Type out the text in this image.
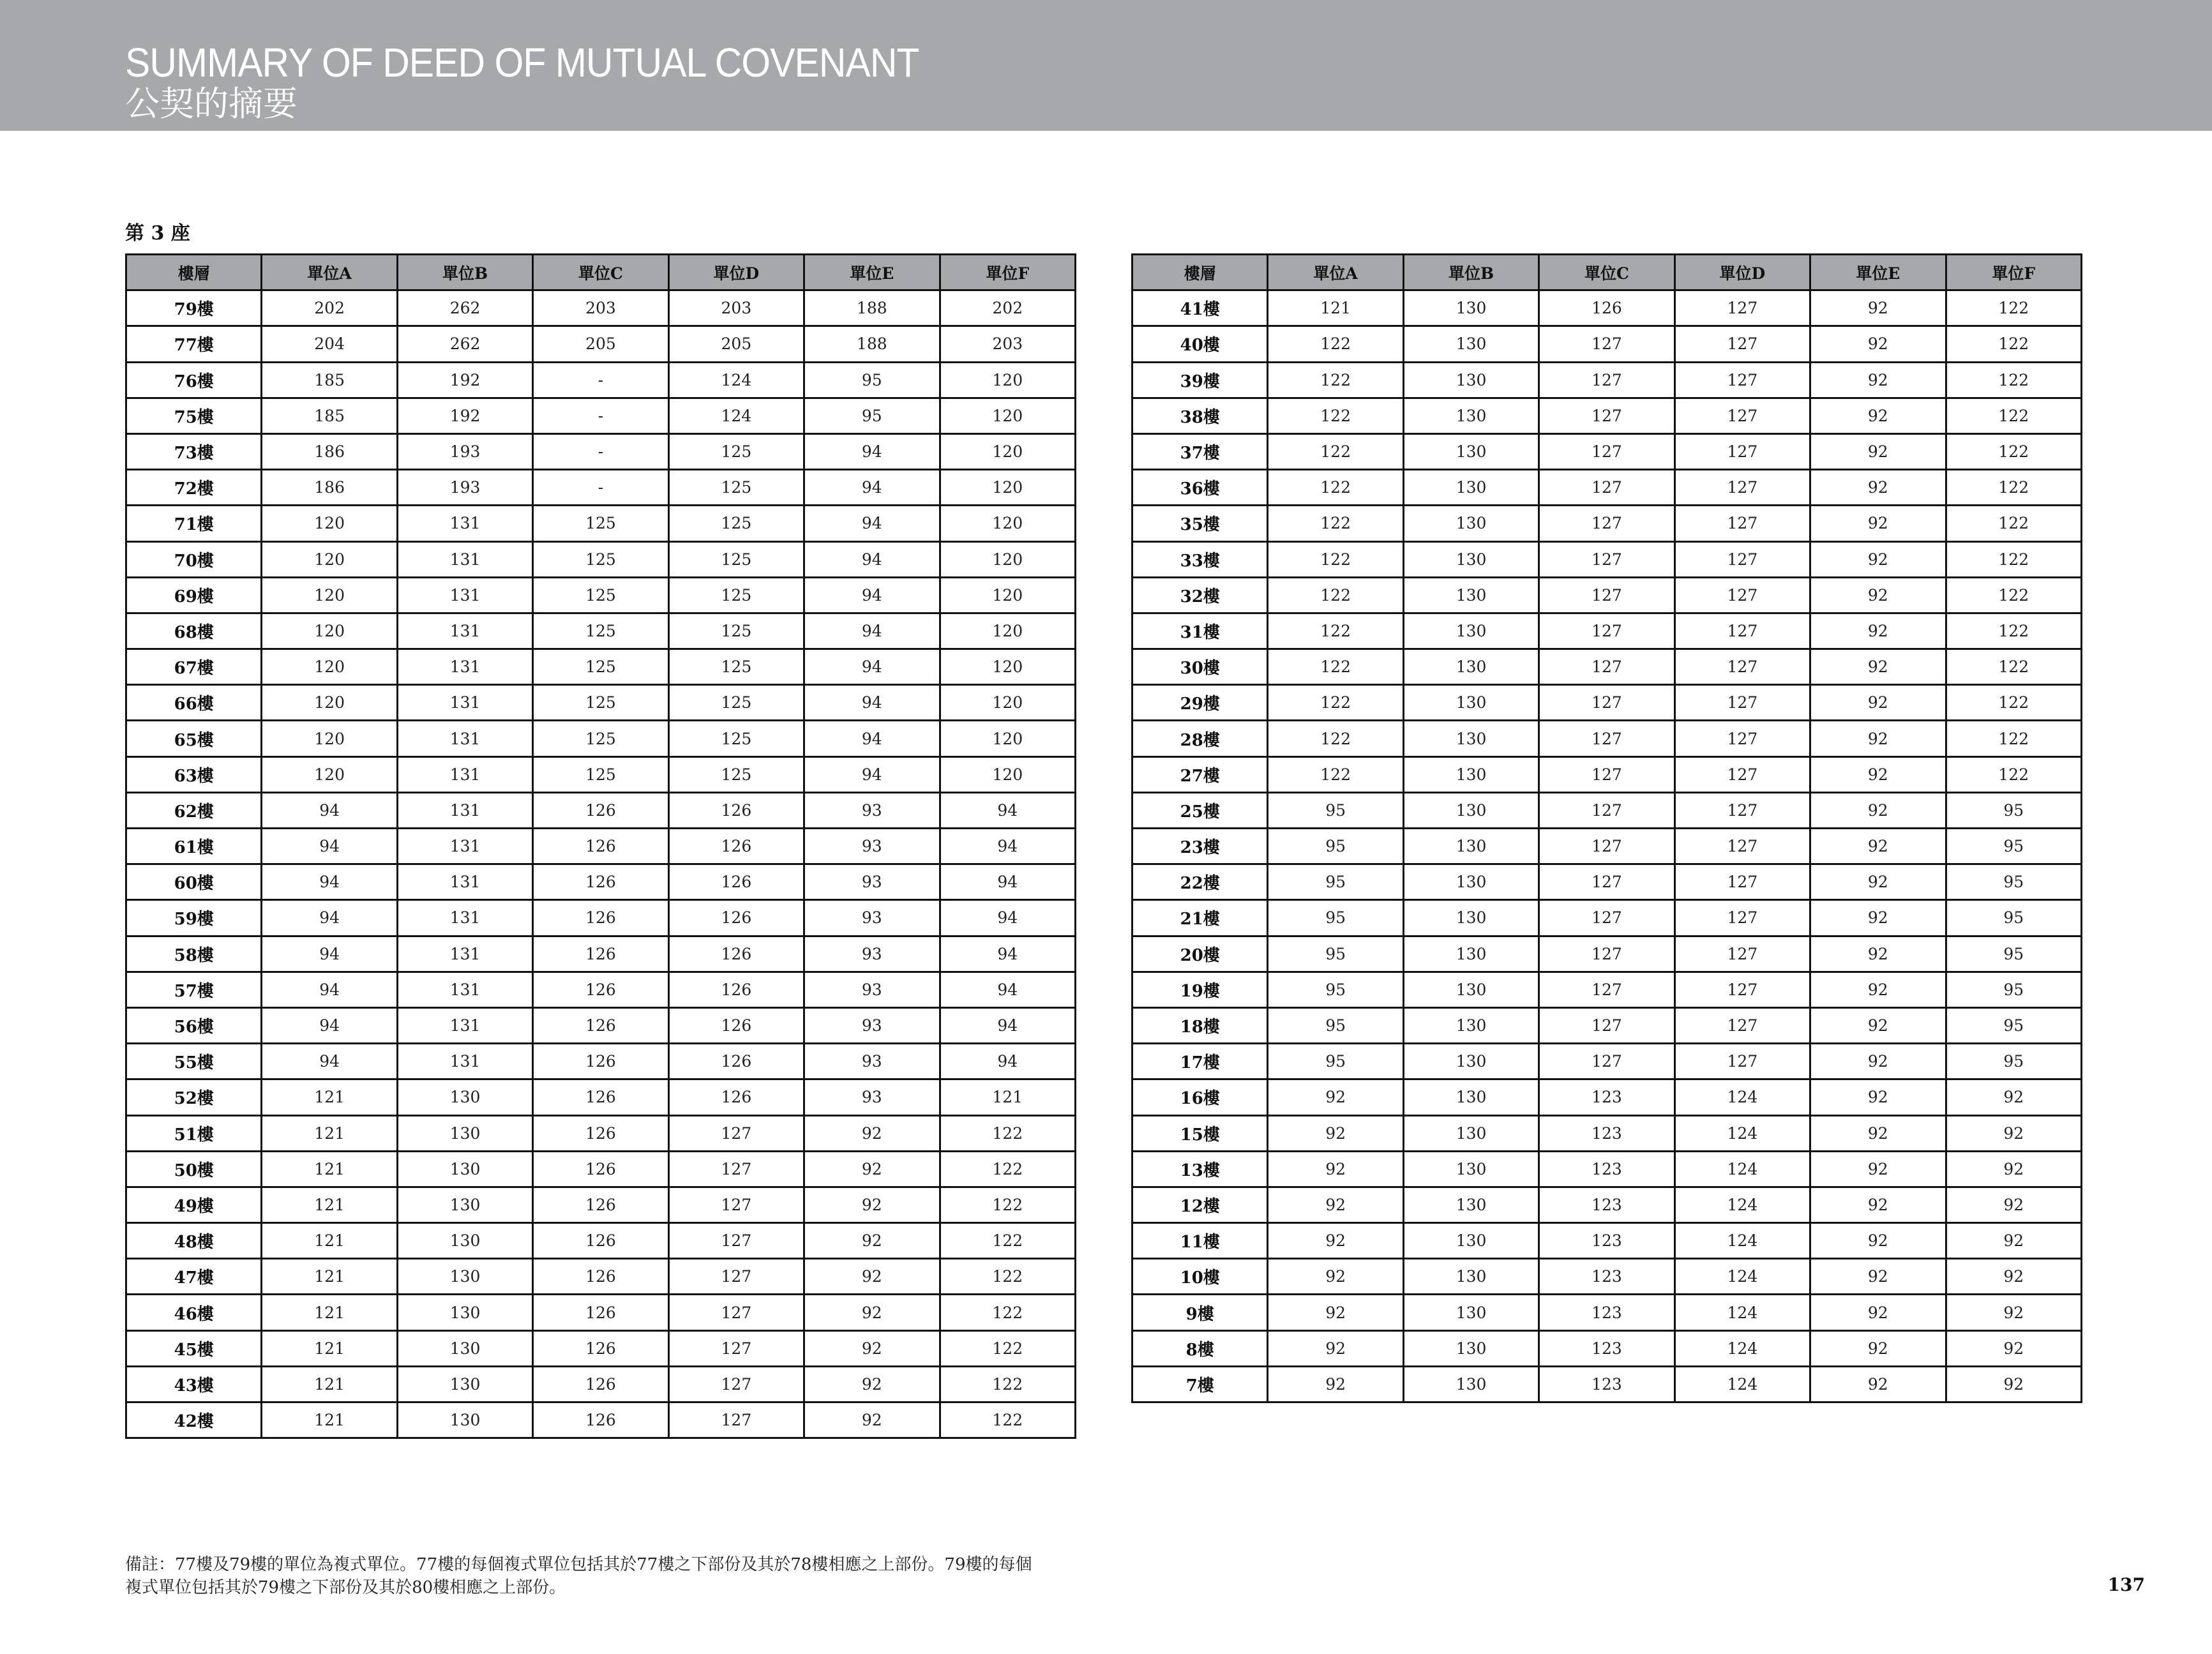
SUMMARY OF DEED OF MUTUAL COVENANT
公契的摘要
第 3 座
樓層	單位A	單位B	單位C	單位D	單位E	單位F
79樓	202	262	203	203	188	202
77樓	204	262	205	205	188	203
76樓	185	192	-	124	95	120
75樓	185	192	-	124	95	120
73樓	186	193	-	125	94	120
72樓	186	193	-	125	94	120
71樓	120	131	125	125	94	120
70樓	120	131	125	125	94	120
69樓	120	131	125	125	94	120
68樓	120	131	125	125	94	120
67樓	120	131	125	125	94	120
66樓	120	131	125	125	94	120
65樓	120	131	125	125	94	120
63樓	120	131	125	125	94	120
62樓	94	131	126	126	93	94
61樓	94	131	126	126	93	94
60樓	94	131	126	126	93	94
59樓	94	131	126	126	93	94
58樓	94	131	126	126	93	94
57樓	94	131	126	126	93	94
56樓	94	131	126	126	93	94
55樓	94	131	126	126	93	94
52樓	121	130	126	126	93	121
51樓	121	130	126	127	92	122
50樓	121	130	126	127	92	122
49樓	121	130	126	127	92	122
48樓	121	130	126	127	92	122
47樓	121	130	126	127	92	122
46樓	121	130	126	127	92	122
45樓	121	130	126	127	92	122
43樓	121	130	126	127	92	122
42樓	121	130	126	127	92	122
樓層	單位A	單位B	單位C	單位D	單位E	單位F
41樓	121	130	126	127	92	122
40樓	122	130	127	127	92	122
39樓	122	130	127	127	92	122
38樓	122	130	127	127	92	122
37樓	122	130	127	127	92	122
36樓	122	130	127	127	92	122
35樓	122	130	127	127	92	122
33樓	122	130	127	127	92	122
32樓	122	130	127	127	92	122
31樓	122	130	127	127	92	122
30樓	122	130	127	127	92	122
29樓	122	130	127	127	92	122
28樓	122	130	127	127	92	122
27樓	122	130	127	127	92	122
25樓	95	130	127	127	92	95
23樓	95	130	127	127	92	95
22樓	95	130	127	127	92	95
21樓	95	130	127	127	92	95
20樓	95	130	127	127	92	95
19樓	95	130	127	127	92	95
18樓	95	130	127	127	92	95
17樓	95	130	127	127	92	95
16樓	92	130	123	124	92	92
15樓	92	130	123	124	92	92
13樓	92	130	123	124	92	92
12樓	92	130	123	124	92	92
11樓	92	130	123	124	92	92
10樓	92	130	123	124	92	92
9樓	92	130	123	124	92	92
8樓	92	130	123	124	92	92
7樓	92	130	123	124	92	92
備註：77樓及79樓的單位為複式單位。77樓的每個複式單位包括其於77樓之下部份及其於78樓相應之上部份。79樓的每個
複式單位包括其於79樓之下部份及其於80樓相應之上部份。	137
